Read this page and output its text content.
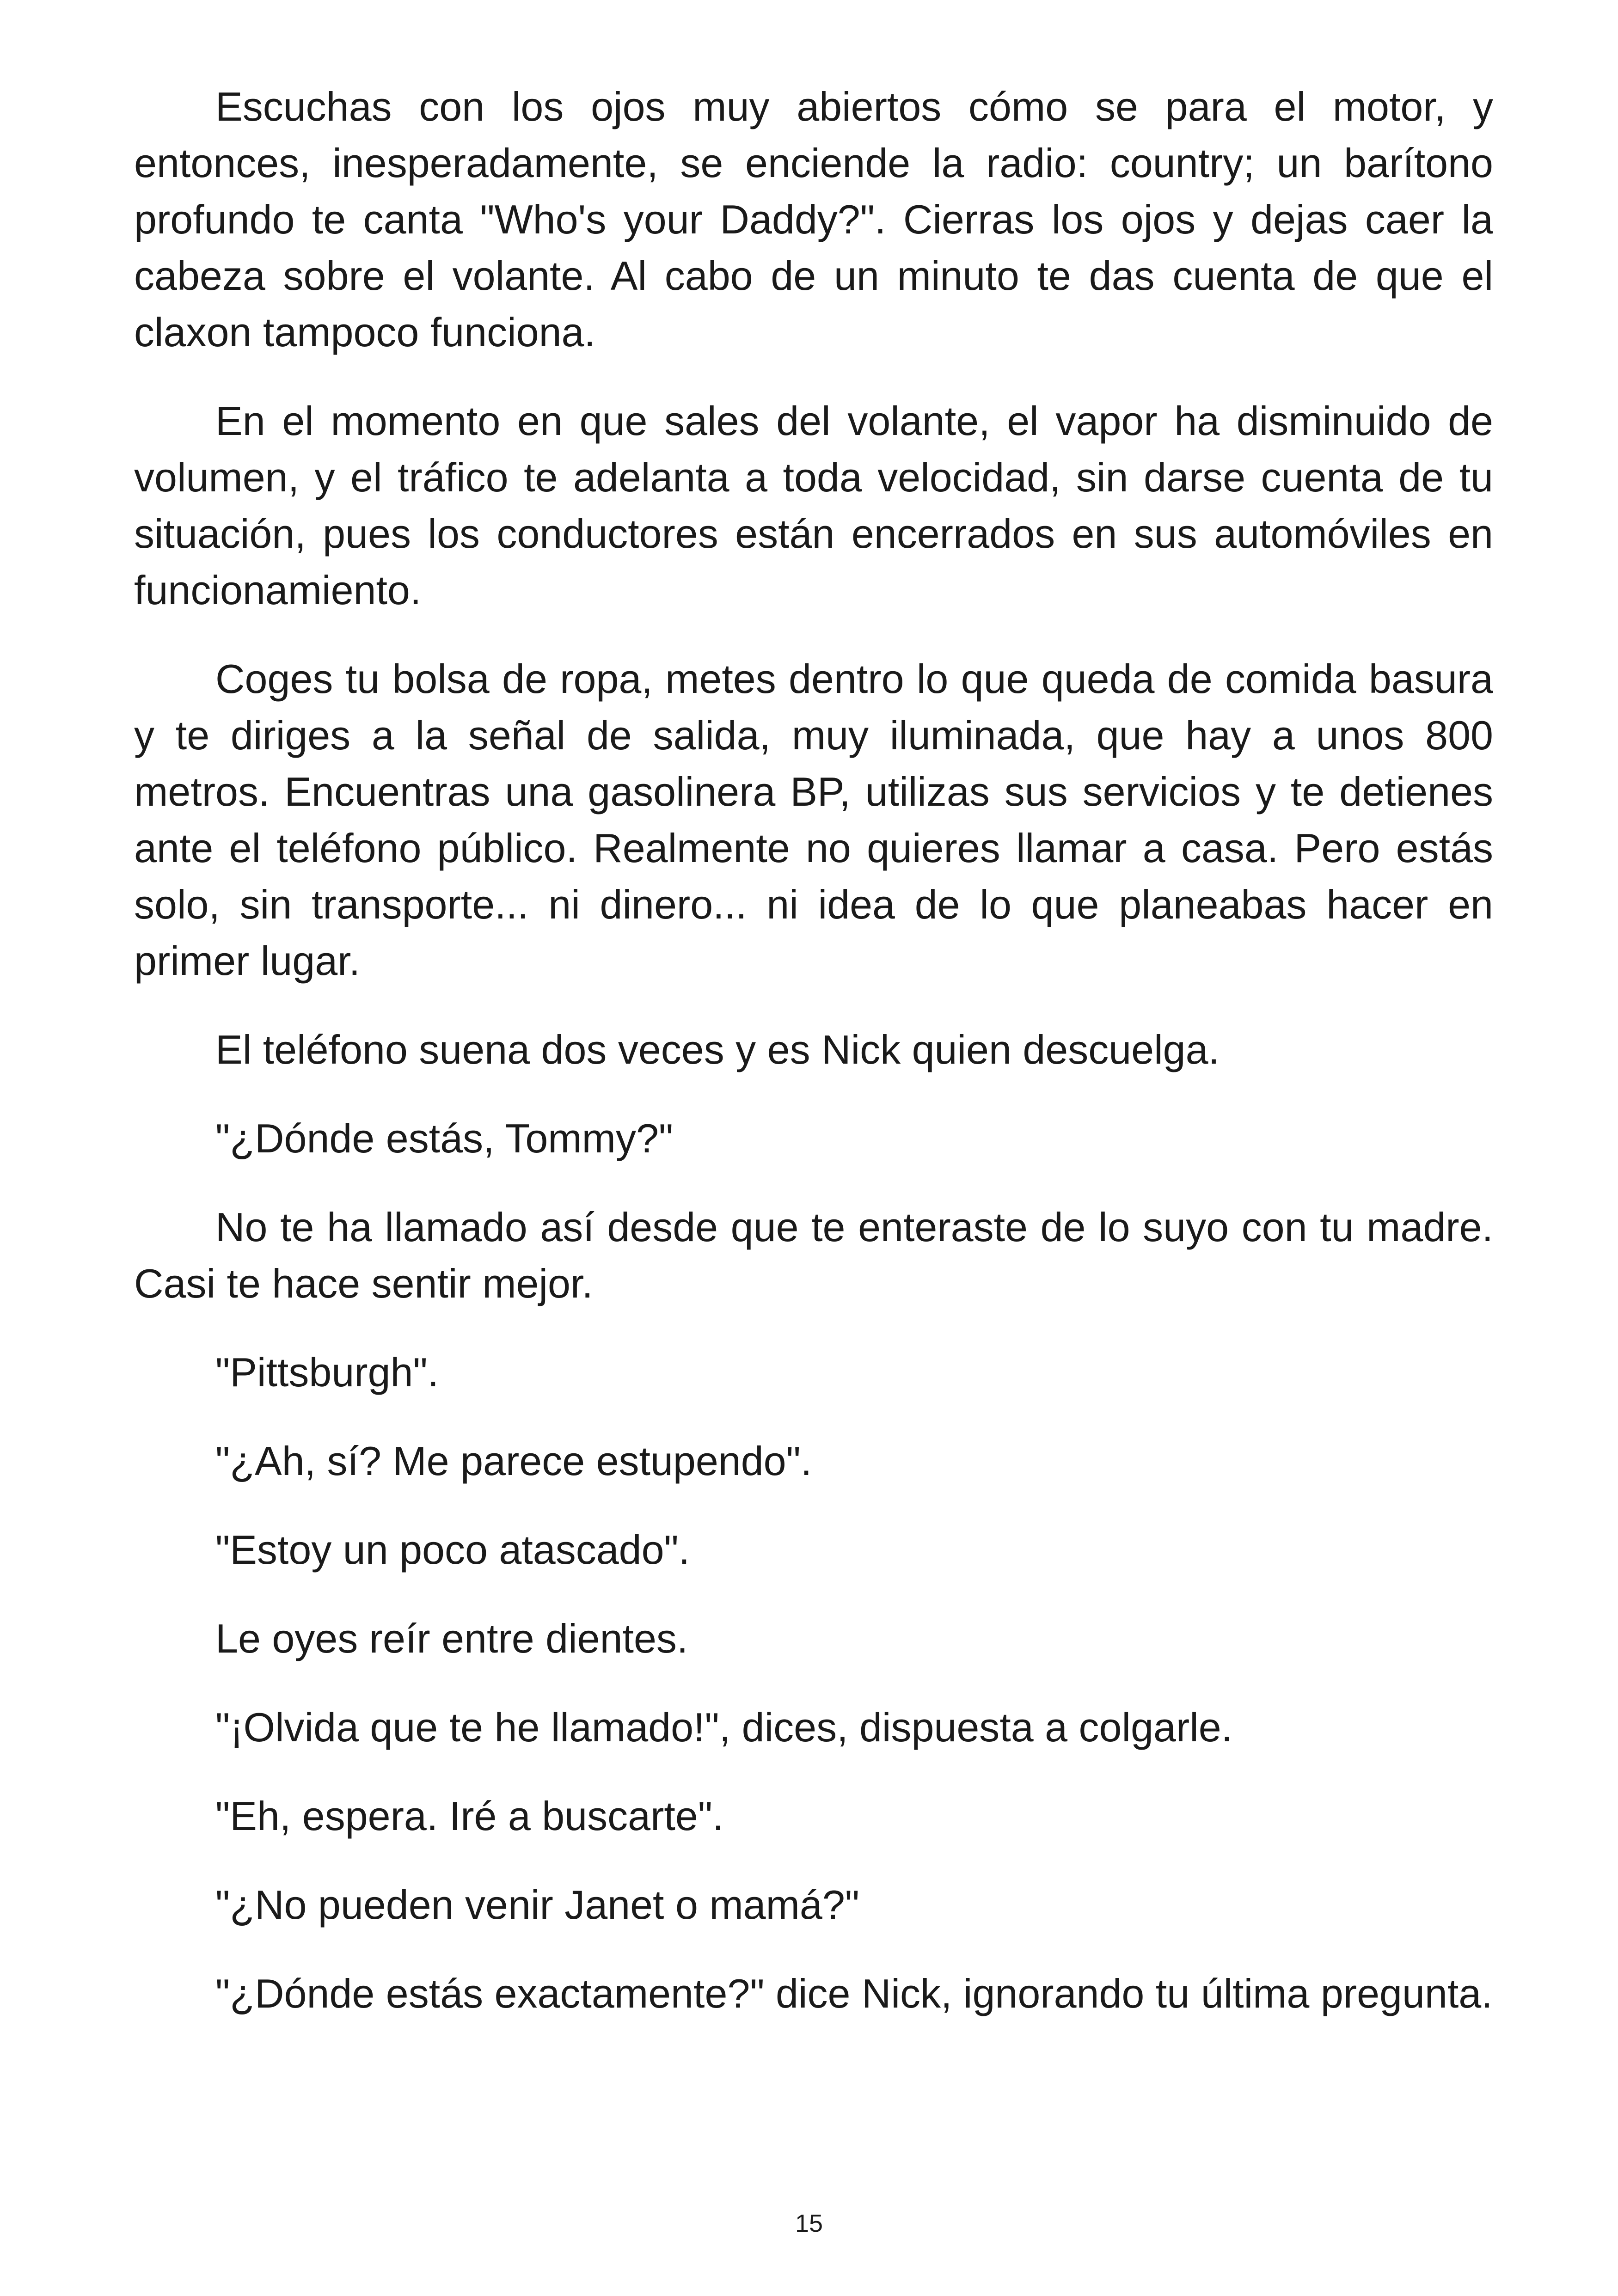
Escuchas con los ojos muy abiertos cómo se para el motor, y entonces, inesperadamente, se enciende la radio: country; un barítono profundo te canta "Who's your Daddy?". Cierras los ojos y dejas caer la cabeza sobre el volante. Al cabo de un minuto te das cuenta de que el claxon tampoco funciona.

En el momento en que sales del volante, el vapor ha disminuido de volumen, y el tráfico te adelanta a toda velocidad, sin darse cuenta de tu situación, pues los conductores están encerrados en sus automóviles en funcionamiento.

Coges tu bolsa de ropa, metes dentro lo que queda de comida basura y te diriges a la señal de salida, muy iluminada, que hay a unos 800 metros. Encuentras una gasolinera BP, utilizas sus servicios y te detienes ante el teléfono público. Realmente no quieres llamar a casa. Pero estás solo, sin transporte... ni dinero... ni idea de lo que planeabas hacer en primer lugar.

El teléfono suena dos veces y es Nick quien descuelga.

"¿Dónde estás, Tommy?"

No te ha llamado así desde que te enteraste de lo suyo con tu madre. Casi te hace sentir mejor.

"Pittsburgh".

"¿Ah, sí? Me parece estupendo".

"Estoy un poco atascado".

Le oyes reír entre dientes.

"¡Olvida que te he llamado!", dices, dispuesta a colgarle.

"Eh, espera. Iré a buscarte".

"¿No pueden venir Janet o mamá?"

"¿Dónde estás exactamente?" dice Nick, ignorando tu última pregunta.

15
